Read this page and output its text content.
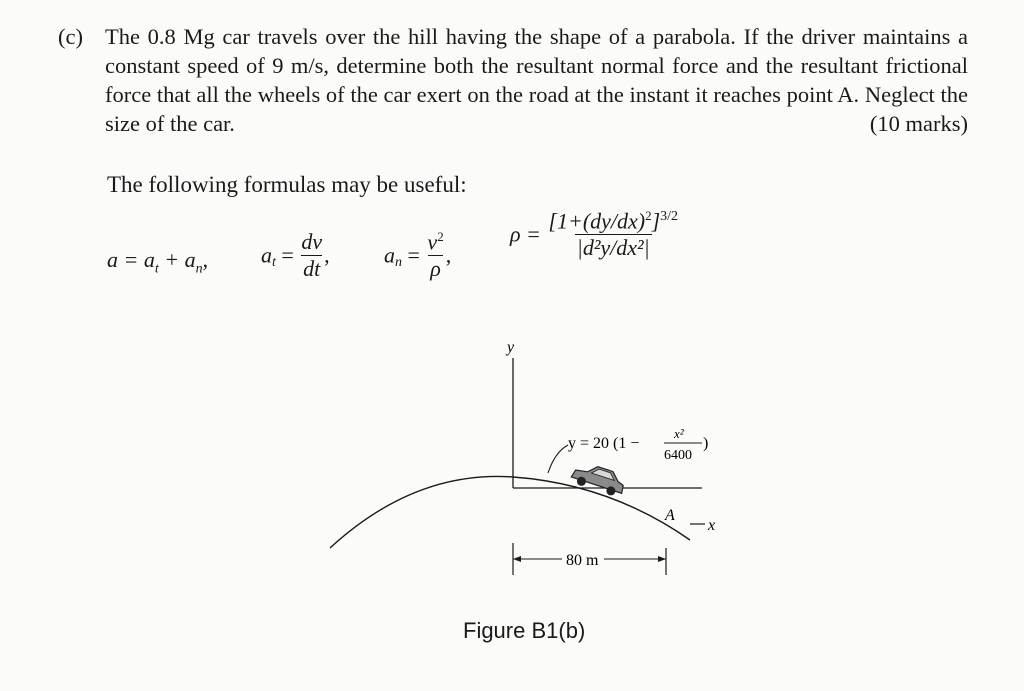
(c) The 0.8 Mg car travels over the hill having the shape of a parabola. If the driver maintains a constant speed of 9 m/s, determine both the resultant normal force and the resultant frictional force that all the wheels of the car exert on the road at the instant it reaches point A. Neglect the size of the car.	(10 marks)
The following formulas may be useful:
$a = a_t + a_n$, $a_t = \frac{dv}{dt}$ , $a_n = \frac{v^2}{\rho}$ ,
$\rho = \frac{[1+(dy/dx)^2]^{3/2}}{\text{|d²y/dx²|}}$
y
x
y = 20 (1 −
x²
6400
)
A
80 m
Figure B1(b)
